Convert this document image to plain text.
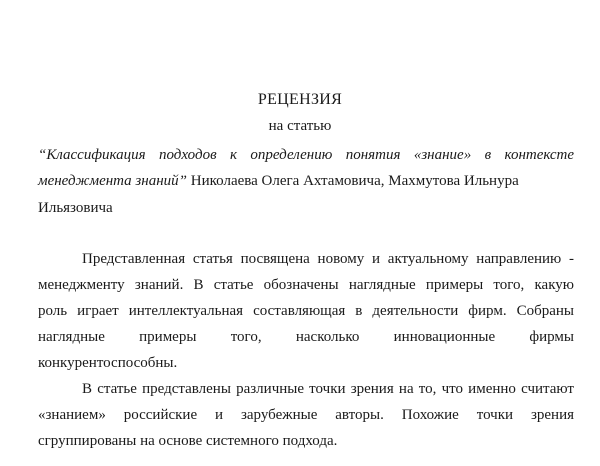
РЕЦЕНЗИЯ
на статью
“Классификация подходов к определению понятия «знание» в контексте
менеджмента знаний” Николаева Олега Ахтамовича, Махмутова Ильнура
Ильязовича
Представленная статья посвящена новому и актуальному направлению -
менеджменту знаний. В статье обозначены наглядные примеры того, какую
роль играет интеллектуальная составляющая в деятельности фирм. Собраны
наглядные примеры того, насколько инновационные фирмы
конкурентоспособны.
В статье представлены различные точки зрения на то, что именно считают
«знанием» российские и зарубежные авторы. Похожие точки зрения
сгруппированы на основе системного подхода.
